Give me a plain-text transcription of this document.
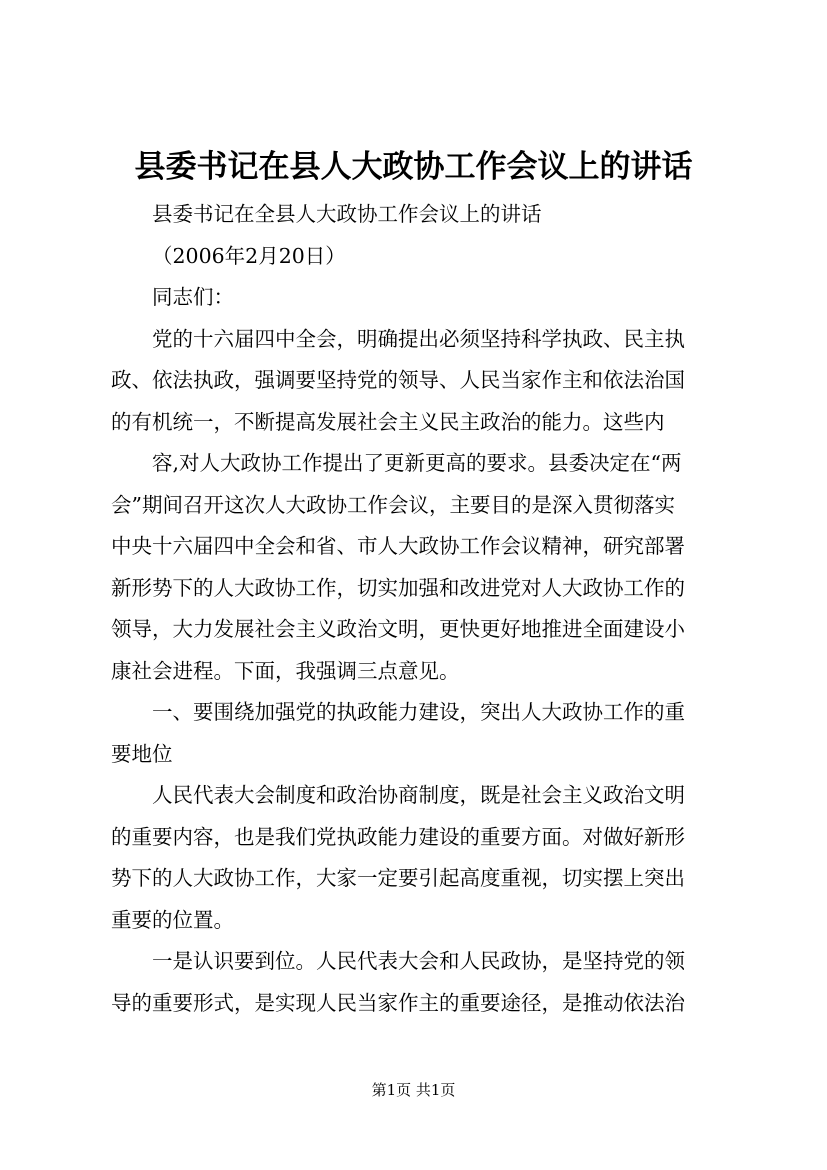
县委书记在县人大政协工作会议上的讲话
县委书记在全县人大政协工作会议上的讲话
（2006年2月20日）
同志们：
党的十六届四中全会，明确提出必须坚持科学执政、民主执
政、依法执政，强调要坚持党的领导、人民当家作主和依法治国
的有机统一，不断提高发展社会主义民主政治的能力。这些内
容,对人大政协工作提出了更新更高的要求。县委决定在“两
会”期间召开这次人大政协工作会议，主要目的是深入贯彻落实
中央十六届四中全会和省、市人大政协工作会议精神，研究部署
新形势下的人大政协工作，切实加强和改进党对人大政协工作的
领导，大力发展社会主义政治文明，更快更好地推进全面建设小
康社会进程。下面，我强调三点意见。
一、要围绕加强党的执政能力建设，突出人大政协工作的重
要地位
人民代表大会制度和政治协商制度，既是社会主义政治文明
的重要内容，也是我们党执政能力建设的重要方面。对做好新形
势下的人大政协工作，大家一定要引起高度重视，切实摆上突出
重要的位置。
一是认识要到位。人民代表大会和人民政协，是坚持党的领
导的重要形式，是实现人民当家作主的重要途径，是推动依法治
第1页 共1页
